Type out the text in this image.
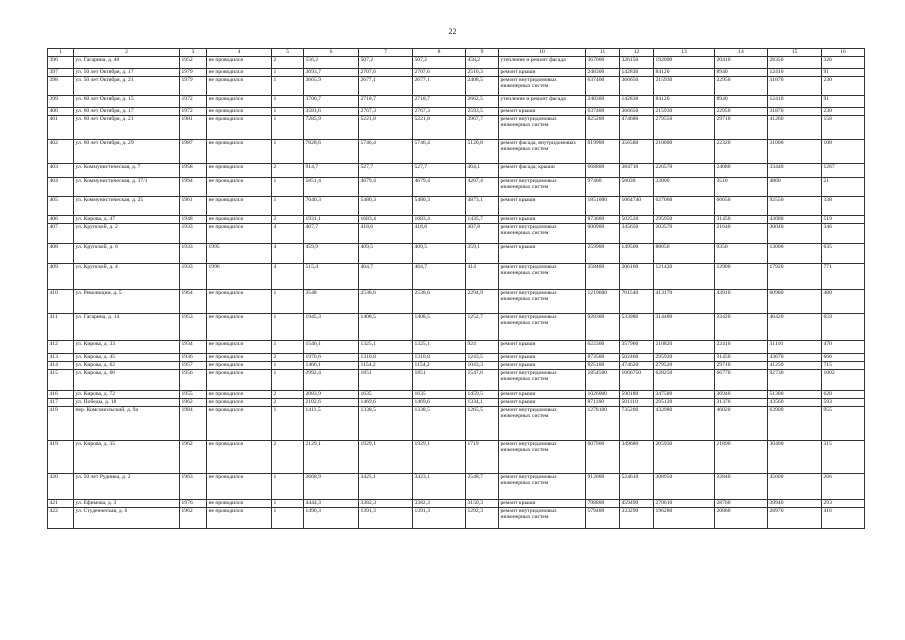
22
1	2	3	4	5	6	7	8	9	10	11	12	13	14	15	16
396	ул. Гагарина, д. 40	1952	не проводился	2	556,2	507,2	507,2	458,2	утепление и ремонт фасада	367000	326150	192090	20410	28350	326
397	ул. 50 лет Октября, д. 17	1979	не проводился	1	3693,7	2707,6	2707,6	2510,3	ремонт крыши	248300	142830	84120	8940	12410	91
398	ул. 50 лет Октября, д. 21	1979	не проводился	1	3665,9	2677,1	2677,1	2408,5	ремонт внутридомовых инженерных систем	637400	366650	215930	22950	31870	230
399	ул. 60 лет Октября, д. 15	1972	не проводился	1	3700,7	2718,7	2718,7	2662,5	утепление и ремонт фасада	248300	142830	84120	8940	12410	91
400	ул. 60 лет Октября, д. 17	1972	не проводился	1	3581,6	2767,3	2767,3	2593,5	ремонт крыши	637400	366650	215930	22950	31870	230
401	ул. 60 лет Октября, д. 21	1981	не проводился	1	7285,9	5221,8	5221,8	3967,7	ремонт внутридомовых инженерных систем	825200	474680	279550	29710	41260	158
402	ул. 60 лет Октября, д. 29	1987	не проводился	1	7828,6	5746,4	5746,4	5120,8	ремонт фасада, внутридомовых инженерных систем	619900	356580	210000	22320	31000	108
403	ул. Коммунистическая, д. 7	1958	не проводился	2	914,7	527,7	527,7	464,1	ремонт фасада, крыши	668800	384710	226570	24080	33440	1267
404	ул. Коммунистическая, д. 37/1	1994	не проводился	1	5851,4	4679,4	4679,4	4207,4	ремонт внутридомовых инженерных систем	97400	56030	33000	3510	4860	21
405	ул. Коммунистическая, д. 25	1961	не проводился	1	7640,3	5480,3	5480,3	4873,1	ремонт крыши	1851000	1064740	627060	66650	92550	338
406	ул. Кирова, д. 47	1948	не проводился	2	1931,1	1683,4	1683,4	1435,7	ремонт крыши	873600	502520	295950	31450	43680	519
407	ул. Крупской, д. 2	1933	не проводился	4	467,7	418,6	418,6	307,8	ремонт внутридомовых инженерных систем	600900	345650	203570	21640	30040	346
408	ул. Крупской, д. 6	1933	1995	4	459,9	409,5	409,5	359,1	ремонт крыши	259900	149500	88050	9350	13000	635
409	ул. Крупской, д. 4	1933	1996	4	515,4	464,7	464,7	414	ремонт внутридомовых инженерных систем	358400	206160	121420	12900	17920	771
410	ул. Революции, д. 5	1964	не проводился	1	3548	2538,6	2538,6	2294,9	ремонт внутридомовых инженерных систем	1219600	701540	413170	43910	60980	480
411	ул. Гагарина, д. 14	1953	не проводился	1	1945,3	1408,5	1408,5	1252,7	ремонт внутридомовых инженерных систем	928300	533980	314480	33420	46420	659
412	ул. Кирова, д. 33	1934	не проводился	1	1546,1	1325,1	1325,1	924	ремонт крыши	622300	357960	210820	22410	31110	470
413	ул. Кирова, д. 45	1936	не проводился	2	1970,6	1310,8	1310,8	1243,5	ремонт крыши	873500	502460	295920	31450	43670	666
414	ул. Кирова, д. 62	1957	не проводился	1	1466,1	1154,2	1154,2	1043,3	ремонт крыши	825100	474620	279520	29710	41250	715
415	ул. Кирова, д. 66	1956	не проводился	1	2992,4	1851	1851	1547,6	ремонт внутридомовых инженерных систем	1854500	1066750	628250	66770	92730	1002
416	ул. Кирова, д. 72	1955	не проводился	2	2083,9	1635	1635	1459,5	ремонт крыши	1026000	590180	347580	36940	51300	628
417	ул. Победы, д. 18	1962	не проводился	2	2102,6	1469,6	1469,6	1334,1	ремонт крыши	871160	501110	295120	31370	43560	593
418	пер. Комсомольский, д. 9а	1984	не проводился	1	1411,5	1338,5	1338,5	1265,5	ремонт внутридомовых инженерных систем	1278100	735200	432980	46020	63900	955
419	ул. Кирова, д. 35	1962	не проводился	2	2129,1	1929,1	1929,1	1719	ремонт внутридомовых инженерных систем	607900	349680	205930	21890	30400	315
420	ул. 50 лет Рудника, д. 2	1963	не проводился	1	3668,9	3425,1	3423,1	2548,7	ремонт внутридомовых инженерных систем	912000	524610	308950	32840	45600	266
421	ул. Ефимова, д. 3	1976	не проводился	1	4444,3	3382,3	3382,3	3150,3	ремонт крыши	798800	459490	270610	28760	39940	293
422	ул. Студенческая, д. 6	1962	не проводился	1	1490,3	1391,3	1391,3	1292,3	ремонт внутридомовых инженерных систем	579400	333290	196280	20860	28970	416
